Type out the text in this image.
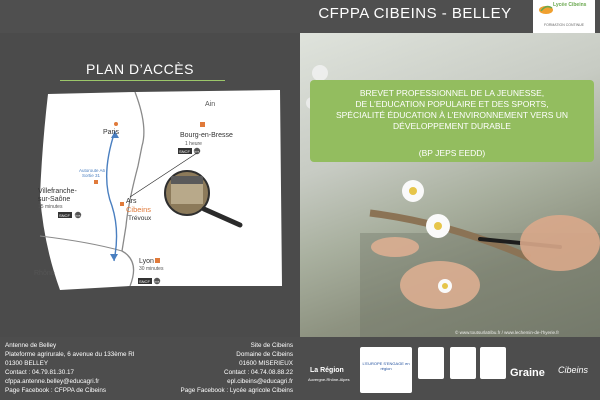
CFPPA CIBEINS - BELLEY	Lycée Cibeins
FORMATION CONTINUE
PLAN D’ACCÈS
Ain
Paris	Bourg-en-Bresse
1 heure
Autoroute A6
Sortie 31
Villefranche-
sur-Saône
15 minutes
Ars
Cibeins
Trévoux
Lyon
30 minutes
Rhône
SNCF bus
SNCF bus
SNCF bus
BREVET PROFESSIONNEL DE LA JEUNESSE,
DE L’EDUCATION POPULAIRE ET DES SPORTS,
SPÉCIALITÉ ÉDUCATION À L’ENVIRONNEMENT VERS UN
DÉVELOPPEMENT DURABLE
(BP JEPS EEDD)
© www.toutsurlatribu.fr / www.lechemin-de-l'hyerie.fr
Antenne de Belley
Plateforme agrirurale, 6 avenue du 133ème RI
01300 BELLEY
Contact : 04.79.81.30.17
cfppa.antenne.belley@educagri.fr
Page Facebook : CFPPA de Cibeins
Site de Cibeins
Domaine de Cibeins
01600 MISERIEUX
Contact : 04.74.08.88.22
epl.cibeins@educagri.fr
Page Facebook : Lycée agricole Cibeins
La Région
Auvergne-Rhône-Alpes
L'EUROPE S'ENGAGE en région	Graine Cibeins
